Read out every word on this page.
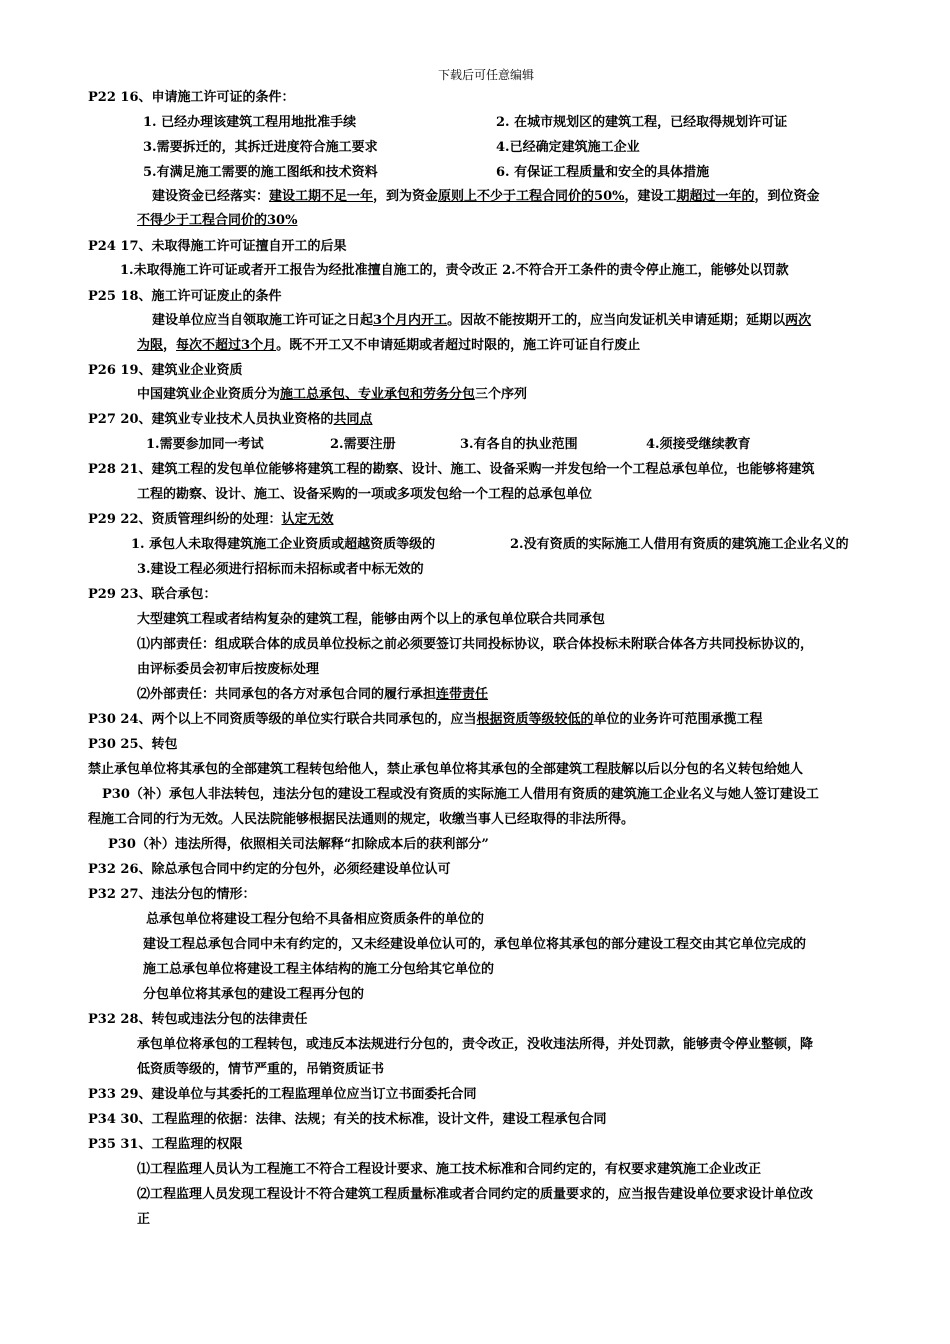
下载后可任意编辑
P22 16、申请施工许可证的条件：
1. 已经办理该建筑工程用地批准手续	2. 在城市规划区的建筑工程，已经取得规划许可证
3.需要拆迁的，其拆迁进度符合施工要求	4.已经确定建筑施工企业
5.有满足施工需要的施工图纸和技术资料	6. 有保证工程质量和安全的具体措施
建设资金已经落实：建设工期不足一年，到为资金原则上不少于工程合同价的50%，建设工期超过一年的，到位资金
不得少于工程合同价的30%
P24 17、未取得施工许可证擅自开工的后果
1.未取得施工许可证或者开工报告为经批准擅自施工的，责令改正 2.不符合开工条件的责令停止施工，能够处以罚款
P25 18、施工许可证废止的条件
建设单位应当自领取施工许可证之日起3个月内开工。因故不能按期开工的，应当向发证机关申请延期；延期以两次
为限，每次不超过3个月。既不开工又不申请延期或者超过时限的，施工许可证自行废止
P26 19、建筑业企业资质
中国建筑业企业资质分为施工总承包、专业承包和劳务分包三个序列
P27 20、建筑业专业技术人员执业资格的共同点
1.需要参加同一考试	2.需要注册	3.有各自的执业范围	4.须接受继续教育
P28 21、建筑工程的发包单位能够将建筑工程的勘察、设计、施工、设备采购一并发包给一个工程总承包单位，也能够将建筑
工程的勘察、设计、施工、设备采购的一项或多项发包给一个工程的总承包单位
P29 22、资质管理纠纷的处理：认定无效
1. 承包人未取得建筑施工企业资质或超越资质等级的	2.没有资质的实际施工人借用有资质的建筑施工企业名义的
3.建设工程必须进行招标而未招标或者中标无效的
P29 23、联合承包：
大型建筑工程或者结构复杂的建筑工程，能够由两个以上的承包单位联合共同承包
⑴内部责任：组成联合体的成员单位投标之前必须要签订共同投标协议，联合体投标未附联合体各方共同投标协议的，
由评标委员会初审后按废标处理
⑵外部责任：共同承包的各方对承包合同的履行承担连带责任
P30 24、两个以上不同资质等级的单位实行联合共同承包的，应当根据资质等级较低的单位的业务许可范围承揽工程
P30 25、转包
禁止承包单位将其承包的全部建筑工程转包给他人，禁止承包单位将其承包的全部建筑工程肢解以后以分包的名义转包给她人
P30（补）承包人非法转包，违法分包的建设工程或没有资质的实际施工人借用有资质的建筑施工企业名义与她人签订建设工
程施工合同的行为无效。人民法院能够根据民法通则的规定，收缴当事人已经取得的非法所得。
P30（补）违法所得，依照相关司法解释“扣除成本后的获利部分”
P32 26、除总承包合同中约定的分包外，必须经建设单位认可
P32 27、违法分包的情形：
总承包单位将建设工程分包给不具备相应资质条件的单位的
建设工程总承包合同中未有约定的，又未经建设单位认可的，承包单位将其承包的部分建设工程交由其它单位完成的
施工总承包单位将建设工程主体结构的施工分包给其它单位的
分包单位将其承包的建设工程再分包的
P32 28、转包或违法分包的法律责任
承包单位将承包的工程转包，或违反本法规进行分包的，责令改正，没收违法所得，并处罚款，能够责令停业整顿，降
低资质等级的，情节严重的，吊销资质证书
P33 29、建设单位与其委托的工程监理单位应当订立书面委托合同
P34 30、工程监理的依据：法律、法规；有关的技术标准，设计文件，建设工程承包合同
P35 31、工程监理的权限
⑴工程监理人员认为工程施工不符合工程设计要求、施工技术标准和合同约定的，有权要求建筑施工企业改正
⑵工程监理人员发现工程设计不符合建筑工程质量标准或者合同约定的质量要求的，应当报告建设单位要求设计单位改
正
